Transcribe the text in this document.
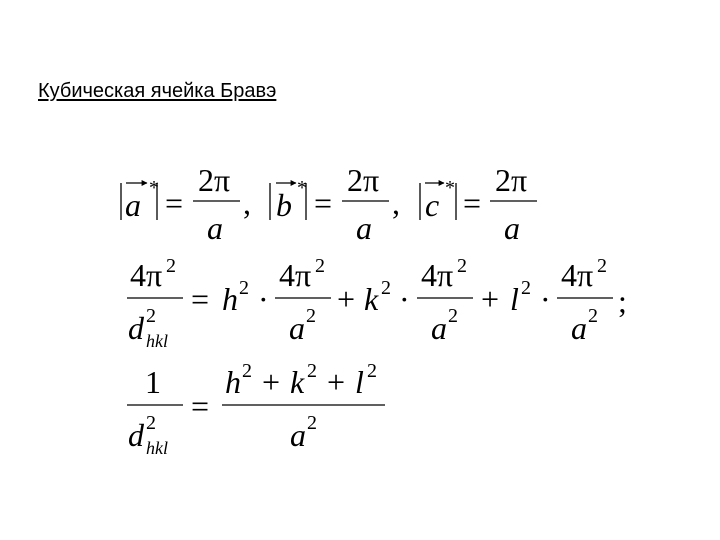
Кубическая ячейка Бравэ
a * =
2π
a
, b * =
2π
a
, c * =
2π
a
4π 2
d 2
hkl
= h 2 ·
4π 2
a 2 + k 2 ·
4π 2
a 2 + l 2 ·
4π 2
a 2 ;
1
d 2
hkl
=
h 2 + k 2 + l 2
a 2
